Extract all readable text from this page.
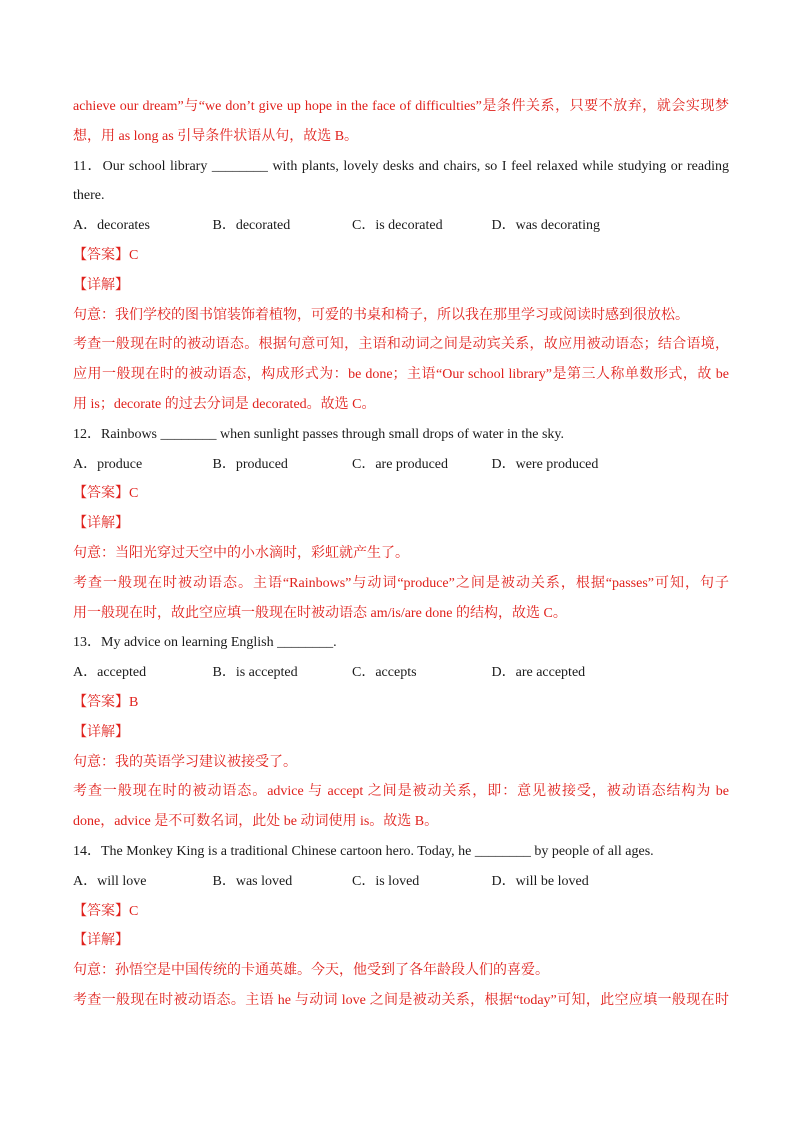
achieve our dream”与“we don’t give up hope in the face of difficulties”是条件关系，只要不放弃，就会实现梦
想，用 as long as 引导条件状语从句，故选 B。
11．Our school library ________ with plants, lovely desks and chairs, so I feel relaxed while studying or reading
there.
A．decorates	B．decorated	C．is decorated	D．was decorating
【答案】C
【详解】
句意：我们学校的图书馆装饰着植物，可爱的书桌和椅子，所以我在那里学习或阅读时感到很放松。
考查一般现在时的被动语态。根据句意可知，主语和动词之间是动宾关系，故应用被动语态；结合语境，
应用一般现在时的被动语态，构成形式为：be done；主语“Our school library”是第三人称单数形式，故 be
用 is；decorate 的过去分词是 decorated。故选 C。
12．Rainbows ________ when sunlight passes through small drops of water in the sky.
A．produce	B．produced	C．are produced	D．were produced
【答案】C
【详解】
句意：当阳光穿过天空中的小水滴时，彩虹就产生了。
考查一般现在时被动语态。主语“Rainbows”与动词“produce”之间是被动关系，根据“passes”可知，句子
用一般现在时，故此空应填一般现在时被动语态 am/is/are done 的结构，故选 C。
13．My advice on learning English ________.
A．accepted	B．is accepted	C．accepts	D．are accepted
【答案】B
【详解】
句意：我的英语学习建议被接受了。
考查一般现在时的被动语态。advice 与 accept 之间是被动关系，即：意见被接受，被动语态结构为 be
done，advice 是不可数名词，此处 be 动词使用 is。故选 B。
14．The Monkey King is a traditional Chinese cartoon hero. Today, he ________ by people of all ages.
A．will love	B．was loved	C．is loved	D．will be loved
【答案】C
【详解】
句意：孙悟空是中国传统的卡通英雄。今天，他受到了各年龄段人们的喜爱。
考查一般现在时被动语态。主语 he 与动词 love 之间是被动关系，根据“today”可知，此空应填一般现在时
